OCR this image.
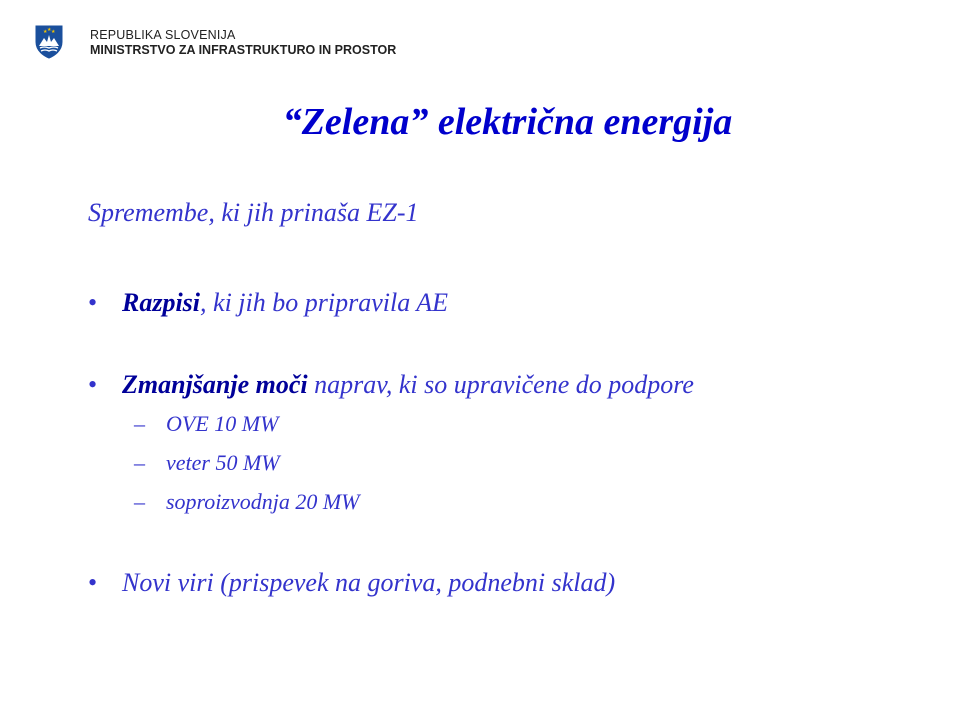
★ ★ ★	REPUBLIKA SLOVENIJA
MINISTRSTVO ZA INFRASTRUKTURO IN PROSTOR
“Zelena” električna energija

Spremembe, ki jih prinaša EZ-1

• Razpisi, ki jih bo pripravila AE
• Zmanjšanje moči naprav, ki so upravičene do podpore
– OVE 10 MW
– veter 50 MW
– soproizvodnja 20 MW
• Novi viri (prispevek na goriva, podnebni sklad)
